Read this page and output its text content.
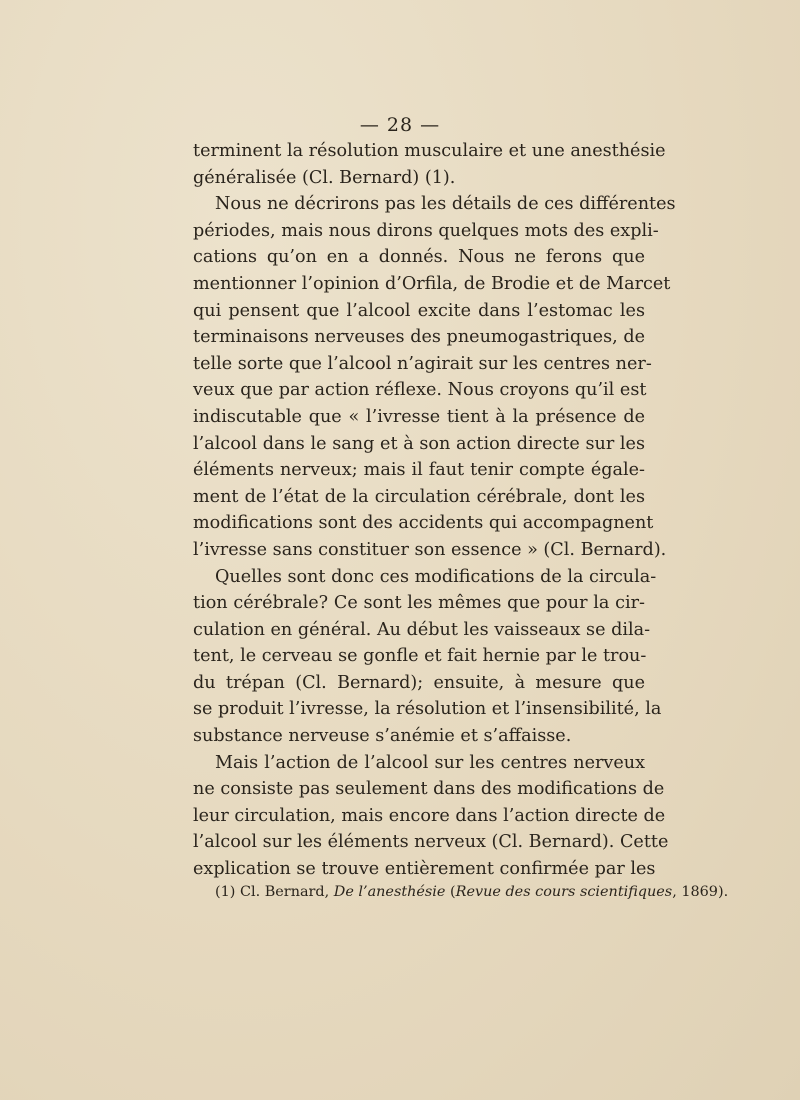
— 28 —
terminent la résolution musculaire et une anesthésie
généralisée (Cl. Bernard) (1).
Nous ne décrirons pas les détails de ces différentes
périodes, mais nous dirons quelques mots des expli-
cations qu’on en a donnés. Nous ne ferons que
mentionner l’opinion d’Orfila, de Brodie et de Marcet
qui pensent que l’alcool excite dans l’estomac les
terminaisons nerveuses des pneumogastriques, de
telle sorte que l’alcool n’agirait sur les centres ner-
veux que par action réflexe. Nous croyons qu’il est
indiscutable que « l’ivresse tient à la présence de
l’alcool dans le sang et à son action directe sur les
éléments nerveux; mais il faut tenir compte égale-
ment de l’état de la circulation cérébrale, dont les
modifications sont des accidents qui accompagnent
l’ivresse sans constituer son essence » (Cl. Bernard).
Quelles sont donc ces modifications de la circula-
tion cérébrale? Ce sont les mêmes que pour la cir-
culation en général. Au début les vaisseaux se dila-
tent, le cerveau se gonfle et fait hernie par le trou-
du trépan (Cl. Bernard); ensuite, à mesure que
se produit l’ivresse, la résolution et l’insensibilité, la
substance nerveuse s’anémie et s’affaisse.
Mais l’action de l’alcool sur les centres nerveux
ne consiste pas seulement dans des modifications de
leur circulation, mais encore dans l’action directe de
l’alcool sur les éléments nerveux (Cl. Bernard). Cette
explication se trouve entièrement confirmée par les
(1) Cl. Bernard, De l’anesthésie (Revue des cours scientifiques, 1869).
